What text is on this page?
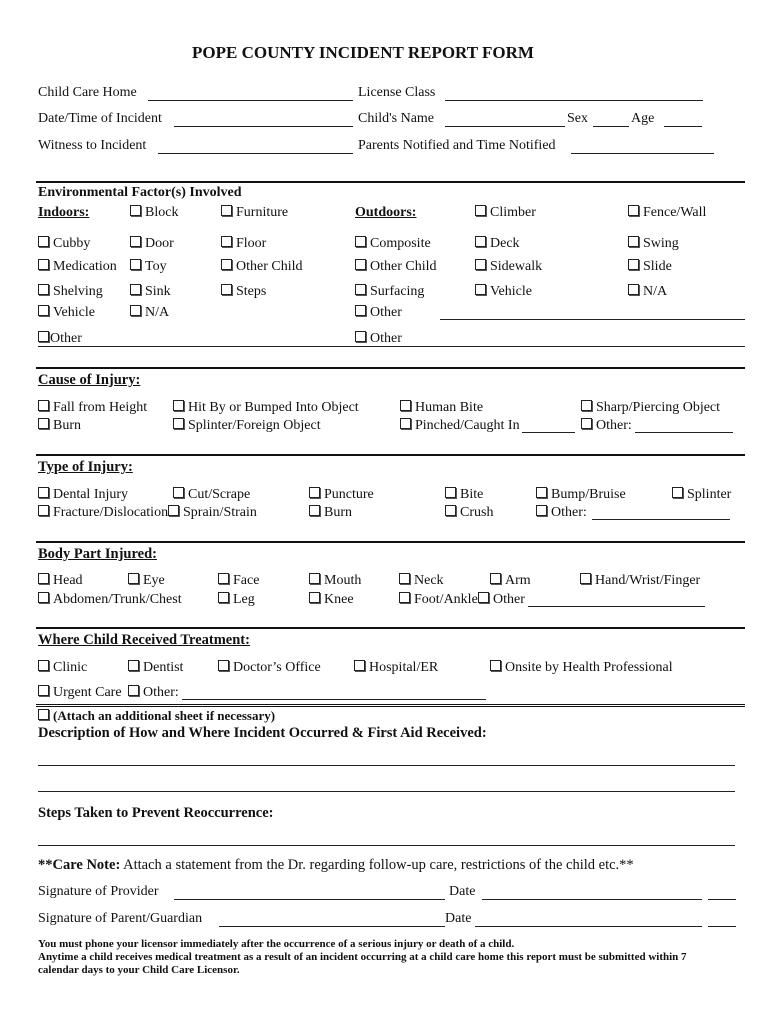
POPE COUNTY INCIDENT REPORT FORM
Child Care Home	License Class
Date/Time of Incident	Child's Name	Sex	Age
Witness to Incident	Parents Notified and Time Notified
Environmental Factor(s) Involved
Indoors:	Outdoors:
Block	Furniture	Climber	Fence/Wall
Cubby	Door	Floor	Composite	Deck	Swing
Medication	Toy	Other Child	Other Child	Sidewalk	Slide
Shelving	Sink	Steps	Surfacing	Vehicle	N/A
Vehicle	N/A	Other
Other	Other
Cause of Injury:
Fall from Height	Hit By or Bumped Into Object	Human Bite	Sharp/Piercing Object
Burn	Splinter/Foreign Object	Pinched/Caught In	Other:
Type of Injury:
Dental Injury	Cut/Scrape	Puncture	Bite	Bump/Bruise	Splinter
Fracture/Dislocation	Sprain/Strain	Burn	Crush	Other:
Body Part Injured:
Head	Eye	Face	Mouth	Neck	Arm	Hand/Wrist/Finger
Abdomen/Trunk/Chest	Leg	Knee	Foot/Ankle	Other
Where Child Received Treatment:
Clinic	Dentist	Doctor’s Office	Hospital/ER	Onsite by Health Professional
Urgent Care	Other:
(Attach an additional sheet if necessary)
Description of How and Where Incident Occurred & First Aid Received:
Steps Taken to Prevent Reoccurrence:
**Care Note: Attach a statement from the Dr. regarding follow-up care, restrictions of the child etc.**
Signature of Provider	Date
Signature of Parent/Guardian	Date
You must phone your licensor immediately after the occurrence of a serious injury or death of a child.
Anytime a child receives medical treatment as a result of an incident occurring at a child care home this report must be submitted within 7
calendar days to your Child Care Licensor.
